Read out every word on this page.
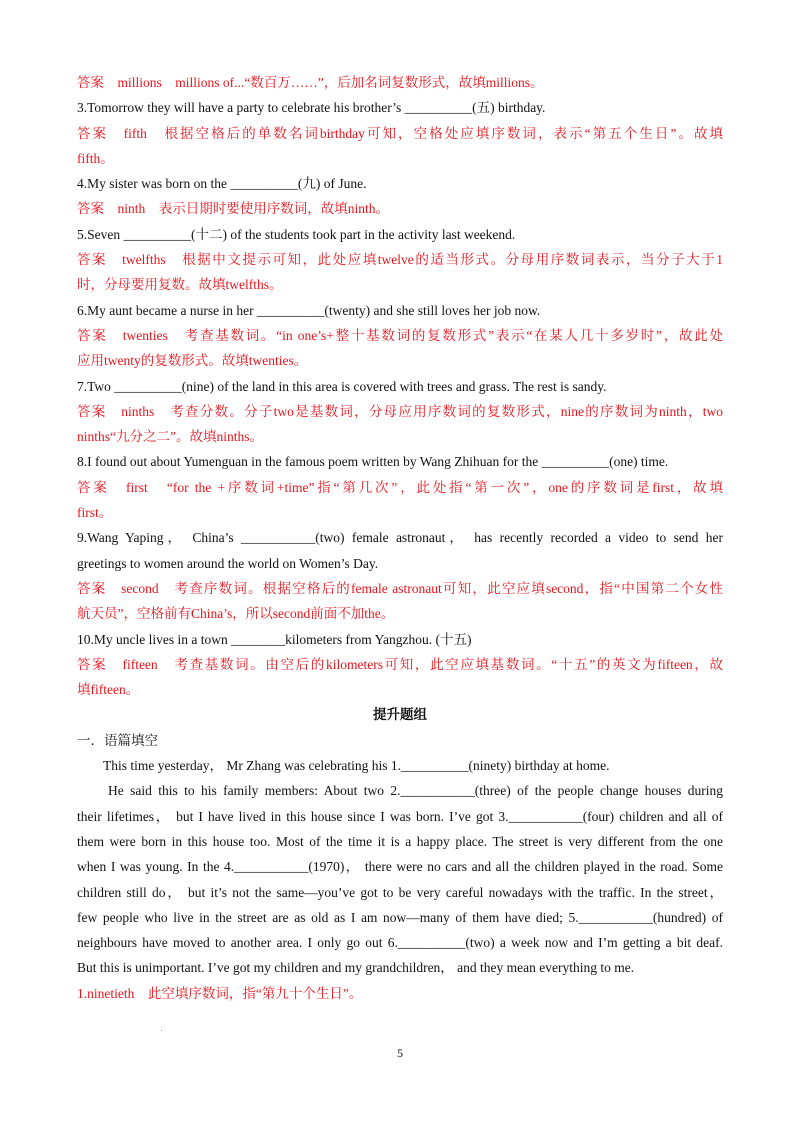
答案　millions　millions of...“数百万……”，后加名词复数形式，故填millions。
3.Tomorrow they will have a party to celebrate his brother’s __________(五) birthday.
答案　fifth　根据空格后的单数名词birthday可知，空格处应填序数词，表示“第五个生日”。故填
fifth。
4.My sister was born on the __________(九) of June.
答案　ninth　表示日期时要使用序数词，故填ninth。
5.Seven __________(十二) of the students took part in the activity last weekend.
答案　twelfths　根据中文提示可知，此处应填twelve的适当形式。分母用序数词表示，当分子大于1
时，分母要用复数。故填twelfths。
6.My aunt became a nurse in her __________(twenty) and she still loves her job now.
答案　twenties　考查基数词。“in one’s+整十基数词的复数形式”表示“在某人几十多岁时”，故此处
应用twenty的复数形式。故填twenties。
7.Two __________(nine) of the land in this area is covered with trees and grass. The rest is sandy.
答案　ninths　考查分数。分子two是基数词，分母应用序数词的复数形式，nine的序数词为ninth，two
ninths“九分之二”。故填ninths。
8.I found out about Yumenguan in the famous poem written by Wang Zhihuan for the __________(one) time.
答案　first　“for the +序数词+time”指“第几次”，此处指“第一次”，one的序数词是first，故填
first。
9.Wang Yaping， China’s ___________(two) female astronaut， has recently recorded a video to send her
greetings to women around the world on Women’s Day.
答案　second　考查序数词。根据空格后的female astronaut可知，此空应填second，指“中国第二个女性
航天员”，空格前有China’s，所以second前面不加the。
10.My uncle lives in a town ________kilometers from Yangzhou. (十五)
答案　fifteen　考查基数词。由空后的kilometers可知，此空应填基数词。“十五”的英文为fifteen，故
填fifteen。
提升题组
一．语篇填空
This time yesterday， Mr Zhang was celebrating his 1.__________(ninety) birthday at home.
He said this to his family members: About two 2.___________(three) of the people change houses during
their lifetimes， but I have lived in this house since I was born. I’ve got 3.___________(four) children and all of
them were born in this house too. Most of the time it is a happy place. The street is very different from the one
when I was young. In the 4.___________(1970)， there were no cars and all the children played in the road. Some
children still do， but it’s not the same—you’ve got to be very careful nowadays with the traffic. In the street，
few people who live in the street are as old as I am now—many of them have died; 5.___________(hundred) of
neighbours have moved to another area. I only go out 6.__________(two) a week now and I’m getting a bit deaf.
But this is unimportant. I’ve got my children and my grandchildren， and they mean everything to me.
1.ninetieth　此空填序数词，指“第九十个生日”。
5
